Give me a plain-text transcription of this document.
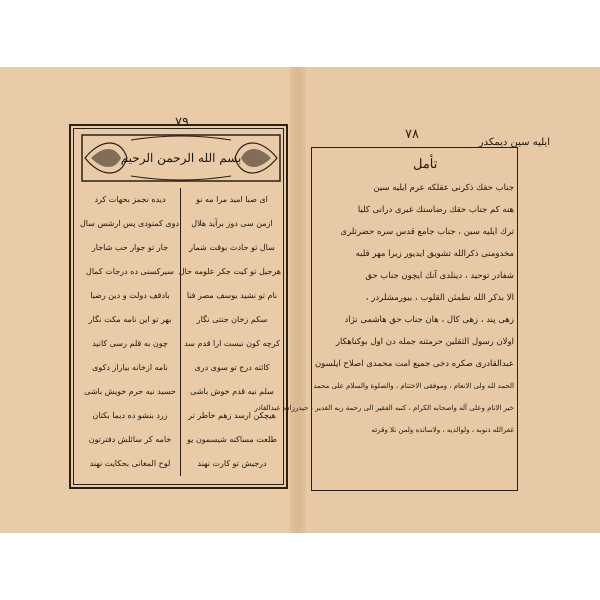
٧٩
٧٨
بسم الله الرحمن الرحيم
ای صبا امید مرا مه نو
ازمن سی دوز برآید هلال
سال تو حادث بوقت شمار
هرجیل تو کیت جکر علومه حال
نام تو نشید یوسف مصر فنا
سکم زخان جنتی نگار
کرچه کون نیست ارا قدم سد
کائنه درج تو سوی دری
سلم نیه قدم خوش باشی
هیچکن ارسد زهم خاطر تر
طلعت مساکنه شیسمون یو
درجیش تو کارت نهند
دیده نجمز بحهات کرد
دوی کمنودی پس ارشس سال
جار تو جوار حب شاجار
سیرکسنی ده درجات کمال
بادقف دولت و دین رضیا
بهر تو این نامه مکت نگار
چون به قلم رسی کانید
نامه ازخانه بیاراز دکوی
حسید نیه حرم خویش باشی
زرد بنشو ده دیما بکتان
خامه کر سائلش دفترتون
لوح المغانی بحکایت نهند
ایلیه سین دیمکدر
تأمل
جناب حقك ذکرنی عقلکه عرم ایلیه سین
هنه کم جناب حقك رضاسنك غیری درانی کلیا
ترك ایلیه سین ، جناب جامع قدس سره حضرتلری
مخدومنی ذکرالله تشویق ایدیور زیرا مهر قلبه
شفادر توحید ، دینلدی آنك ایچون جناب حق
الا بذکر الله تطمئن القلوب ، بیورمشلردر ،
زهی پند ، زهی کال ، هان جناب حق هاشمی نژاد
اولان رسول الثقلین حرمتنه جمله دن اول بوکناهکار
عبدالقادری صکره دخی جمیع امت محمدی اصلاح ایلسون
الحمد لله ولی الانعام ، وموفقی الاختتام ، والصلوة والسلام علی محمد
خیر الانام وعلی آله واصحابه الکرام ، کتبه الفقیر الی رحمة ربه القدیر ، حیدرزاده عبدالقادر
غفرالله ذنوبه ، ولوالدیه ، ولاساتذه ولمن تلا وقرئه
